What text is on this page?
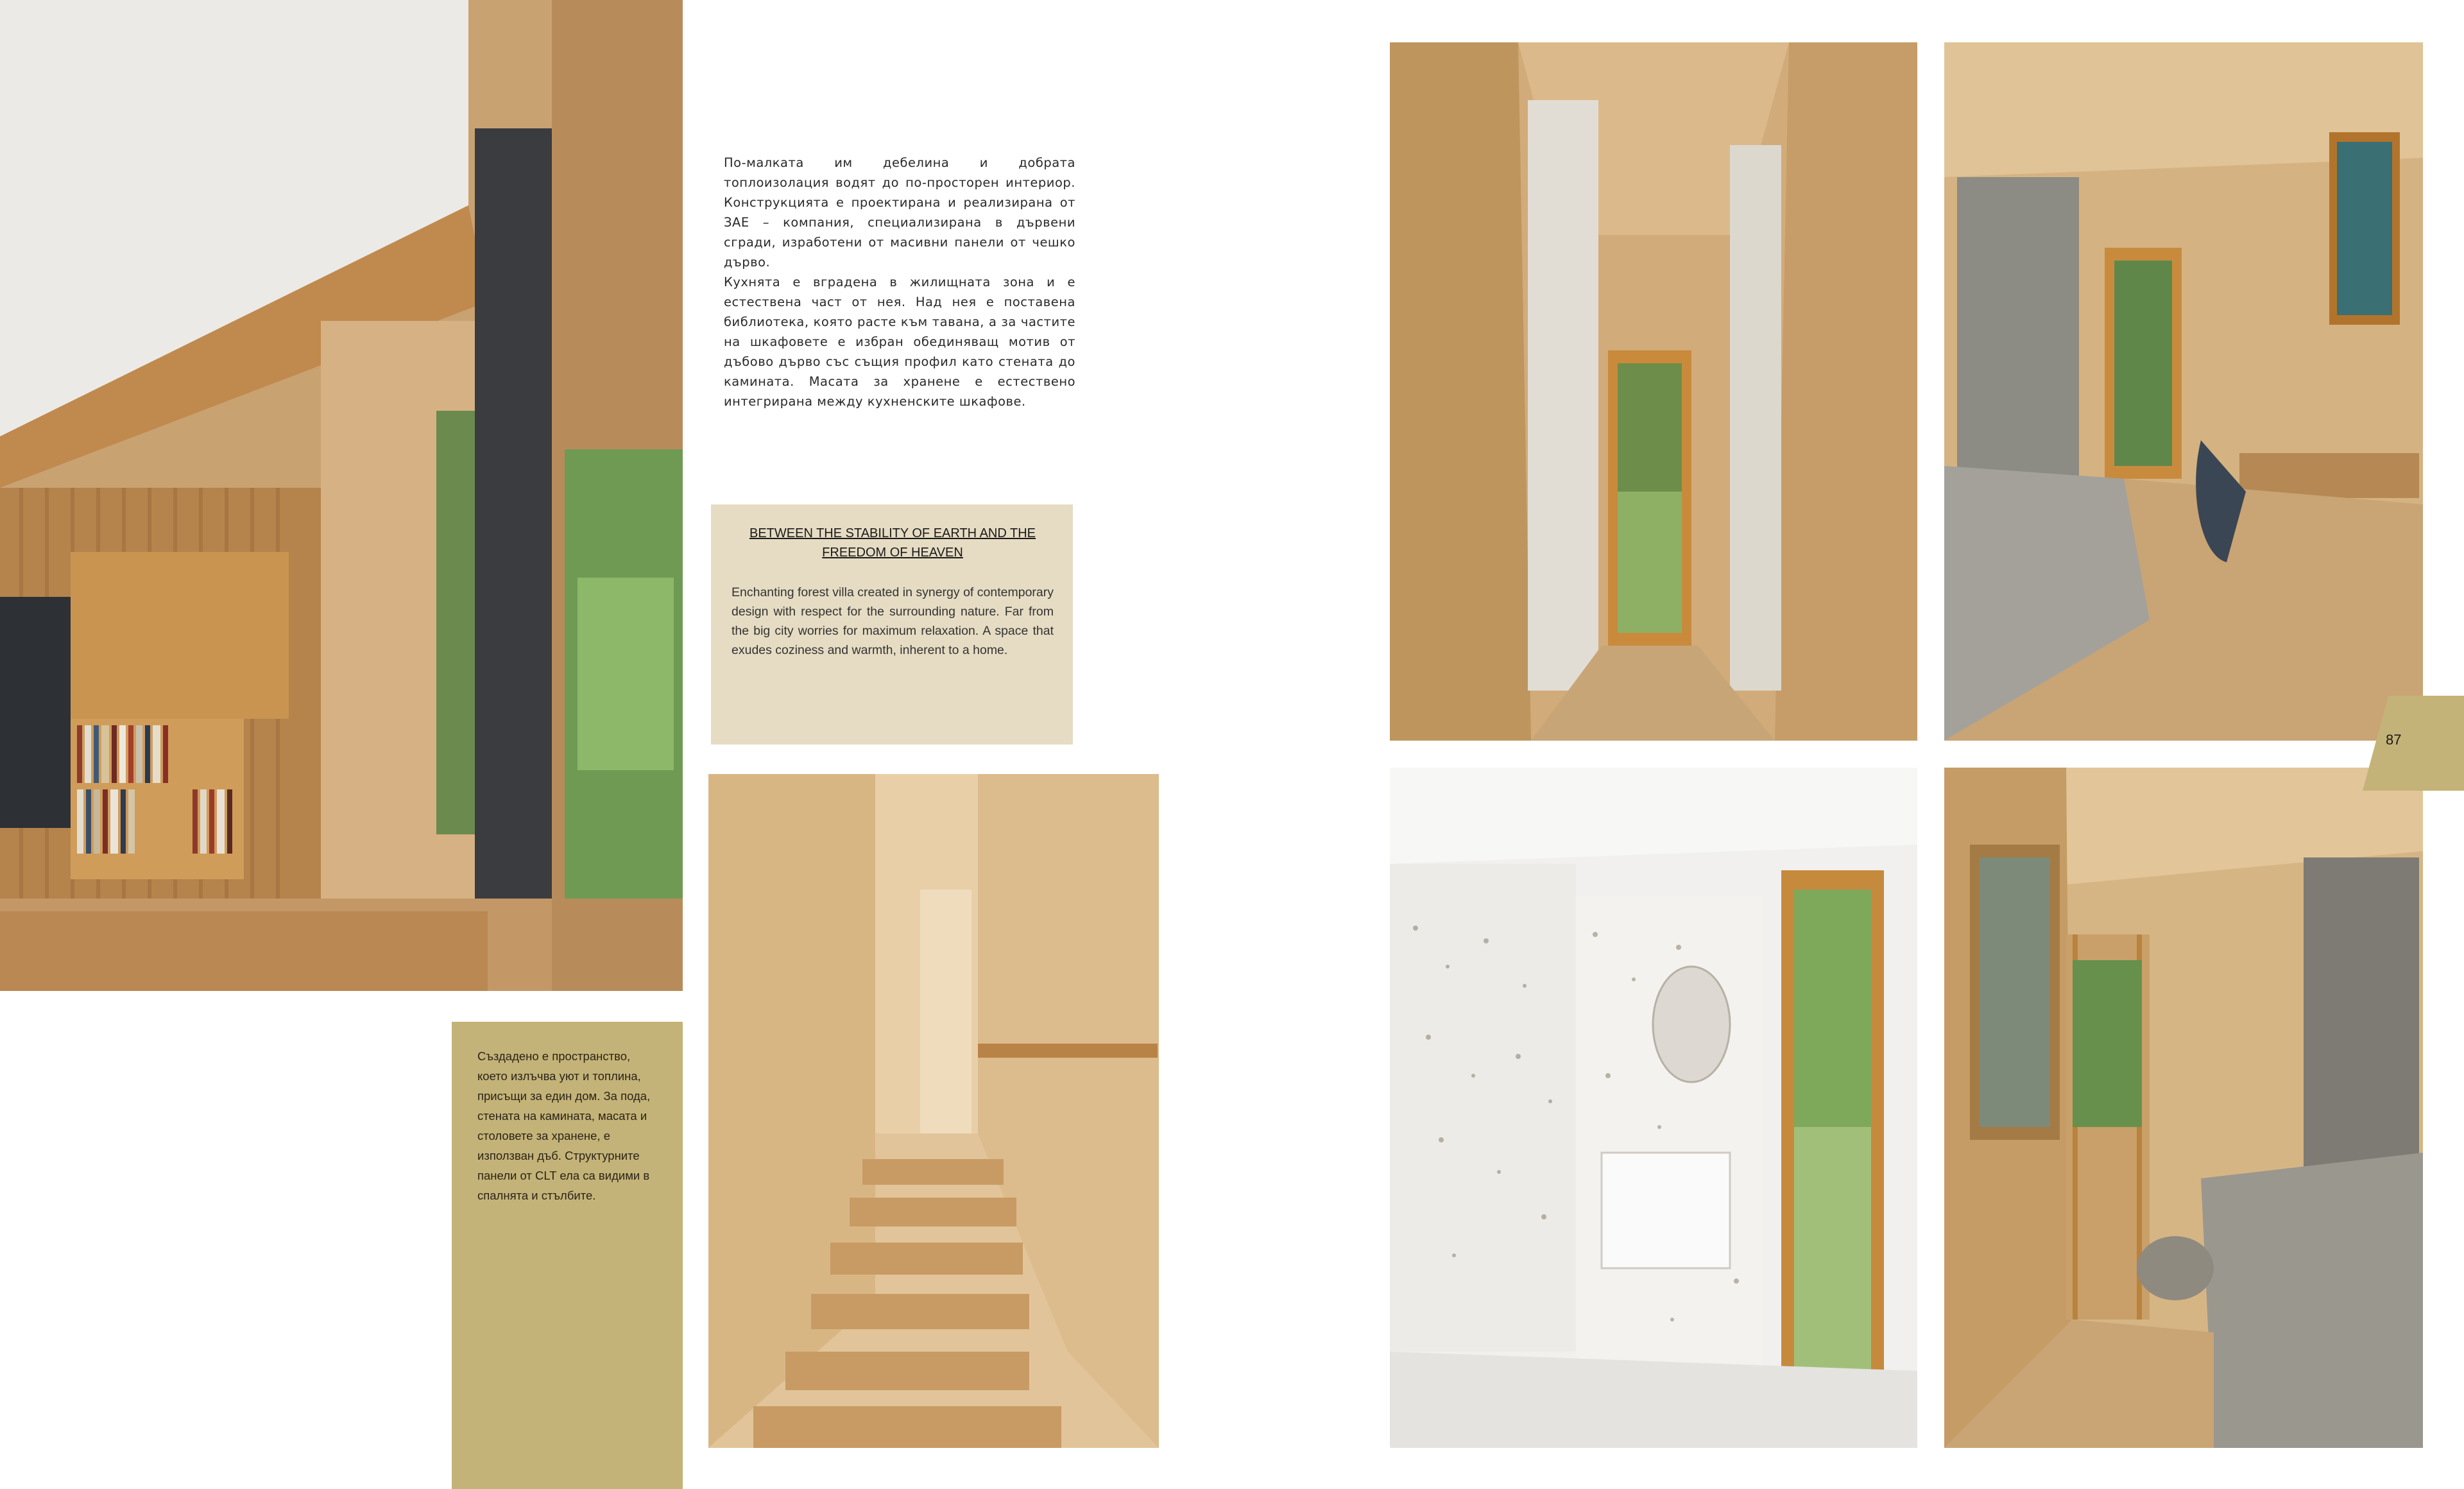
По-малката им дебелина и добрата топлоизолация водят до по-просторен интериор. Конструкцията е проектирана и реализирана от ЗАЕ – компания, специализирана в дървени сгради, изработени от масивни панели от чешко дърво.

Кухнята е вградена в жилищната зона и е естествена част от нея. Над нея е поставена библиотека, която расте към тавана, а за частите на шкафовете е избран обединяващ мотив от дъбово дърво със същия профил като стената до камината. Масата за хранене е естествено интегрирана между кухненските шкафове.

BETWEEN THE STABILITY OF EARTH AND THE FREEDOM OF HEAVEN

Enchanting forest villa created in synergy of contemporary design with respect for the surrounding nature. Far from the big city worries for maximum relaxation. A space that exudes coziness and warmth, inherent to a home.

Създадено е пространство, което излъчва уют и топлина, присъщи за един дом. За пода, стената на камината, масата и столовете за хранене, е използван дъб. Структурните панели от CLT ела са видими в спалнята и стълбите.

87
